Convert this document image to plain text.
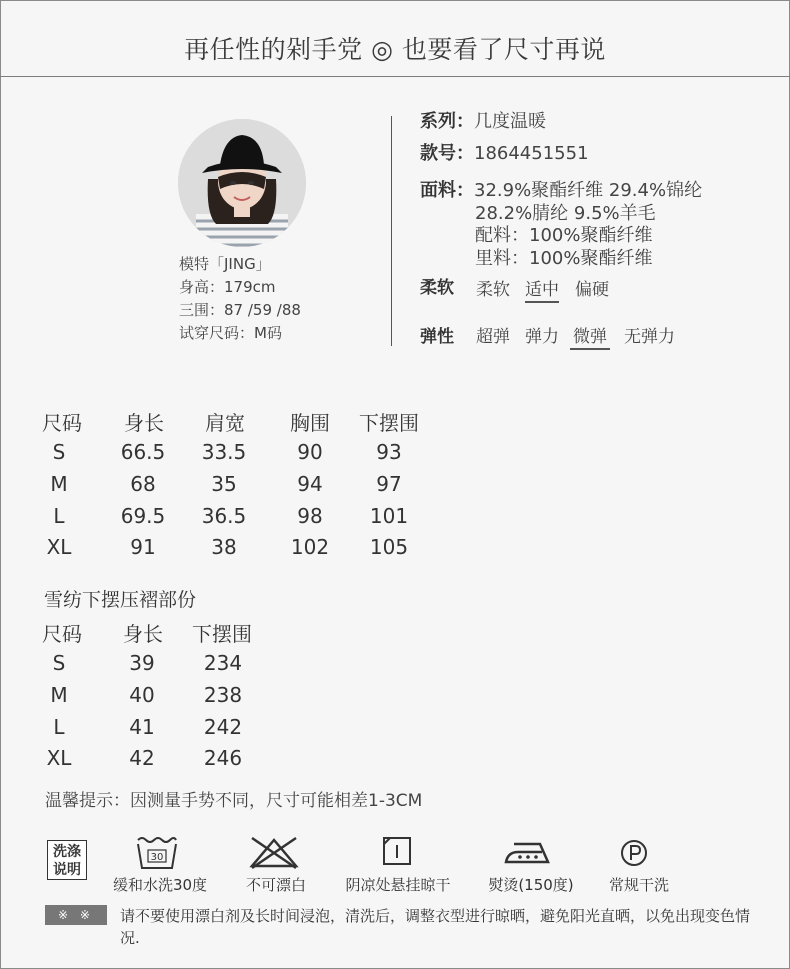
再任性的剁手党 ◎ 也要看了尺寸再说
模特「JING」
身高：179cm
三围：87 /59 /88
试穿尺码：M码
系列：几度温暖
款号：1864451551
面料：32.9%聚酯纤维 29.4%锦纶
28.2%腈纶 9.5%羊毛
配料：100%聚酯纤维
里料：100%聚酯纤维
柔软 柔软 适中 偏硬
弹性 超弹 弹力 微弹 无弹力
尺码	身长	肩宽	胸围	下摆围
S	66.5	33.5	90	93
M	68	35	94	97
L	69.5	36.5	98	101
XL	91	38	102	105
雪纺下摆压褶部份
尺码	身长	下摆围
S	39	234
M	40	238
L	41	242
XL	42	246
温馨提示：因测量手势不同，尺寸可能相差1-3CM
洗涤
说明
30
缓和水洗30度	不可漂白	阴凉处悬挂晾干	熨烫(150度)	常规干洗
※ ※	请不要使用漂白剂及长时间浸泡，清洗后，调整衣型进行晾晒，避免阳光直晒，以免出现变色情况.
